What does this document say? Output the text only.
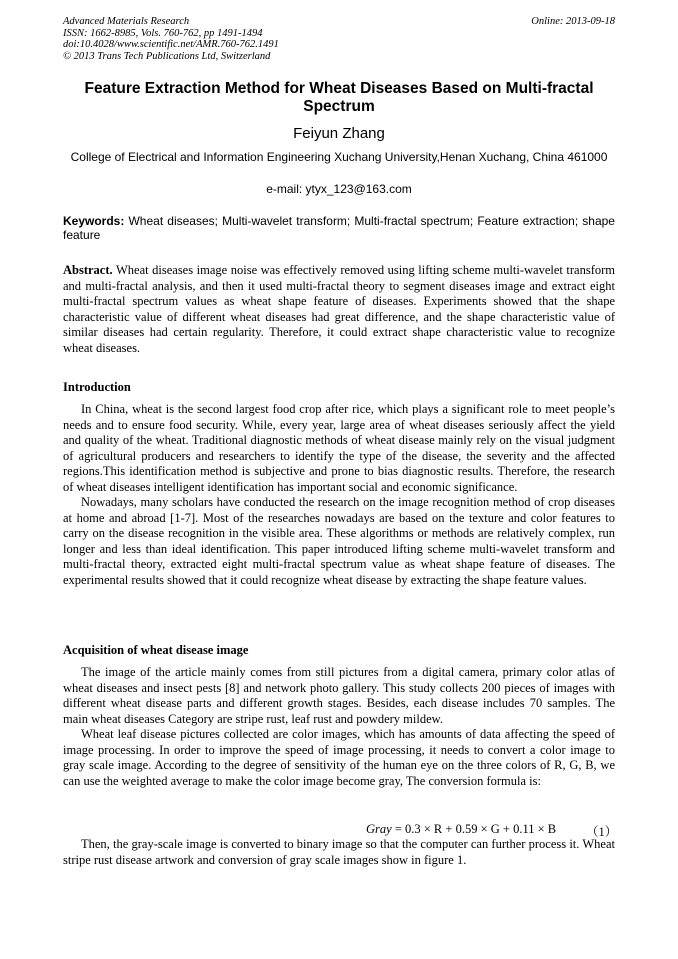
Advanced Materials Research
ISSN: 1662-8985, Vols. 760-762, pp 1491-1494
doi:10.4028/www.scientific.net/AMR.760-762.1491
© 2013 Trans Tech Publications Ltd, Switzerland
Online: 2013-09-18
Feature Extraction Method for Wheat Diseases Based on Multi-fractal Spectrum
Feiyun Zhang
College of Electrical and Information Engineering Xuchang University,Henan Xuchang, China 461000
e-mail: ytyx_123@163.com
Keywords: Wheat diseases; Multi-wavelet transform; Multi-fractal spectrum; Feature extraction; shape feature

Abstract. Wheat diseases image noise was effectively removed using lifting scheme multi-wavelet transform and multi-fractal analysis, and then it used multi-fractal theory to segment diseases image and extract eight multi-fractal spectrum values as wheat shape feature of diseases. Experiments showed that the shape characteristic value of different wheat diseases had great difference, and the shape characteristic value of similar diseases had certain regularity. Therefore, it could extract shape characteristic value to recognize wheat diseases.

Introduction

In China, wheat is the second largest food crop after rice, which plays a significant role to meet people’s needs and to ensure food security. While, every year, large area of wheat diseases seriously affect the yield and quality of the wheat. Traditional diagnostic methods of wheat disease mainly rely on the visual judgment of agricultural producers and researchers to identify the type of the disease, the severity and the affected regions.This identification method is subjective and prone to bias diagnostic results. Therefore, the research of wheat diseases intelligent identification has important social and economic significance.

Nowadays, many scholars have conducted the research on the image recognition method of crop diseases at home and abroad [1-7]. Most of the researches nowadays are based on the texture and color features to carry on the disease recognition in the visible area. These algorithms or methods are relatively complex, run longer and less than ideal identification. This paper introduced lifting scheme multi-wavelet transform and multi-fractal theory, extracted eight multi-fractal spectrum value as wheat shape feature of diseases. The experimental results showed that it could recognize wheat disease by extracting the shape feature values.

Acquisition of wheat disease image

The image of the article mainly comes from still pictures from a digital camera, primary color atlas of wheat diseases and insect pests [8] and network photo gallery. This study collects 200 pieces of images with different wheat disease parts and different growth stages. Besides, each disease includes 70 samples. The main wheat diseases Category are stripe rust, leaf rust and powdery mildew.

Wheat leaf disease pictures collected are color images, which has amounts of data affecting the speed of image processing. In order to improve the speed of image processing, it needs to convert a color image to gray scale image. According to the degree of sensitivity of the human eye on the three colors of R, G, B, we can use the weighted average to make the color image become gray, The conversion formula is:

Gray = 0.3 × R + 0.59 × G + 0.11 × B （1）

Then, the gray-scale image is converted to binary image so that the computer can further process it. Wheat stripe rust disease artwork and conversion of gray scale images show in figure 1.
